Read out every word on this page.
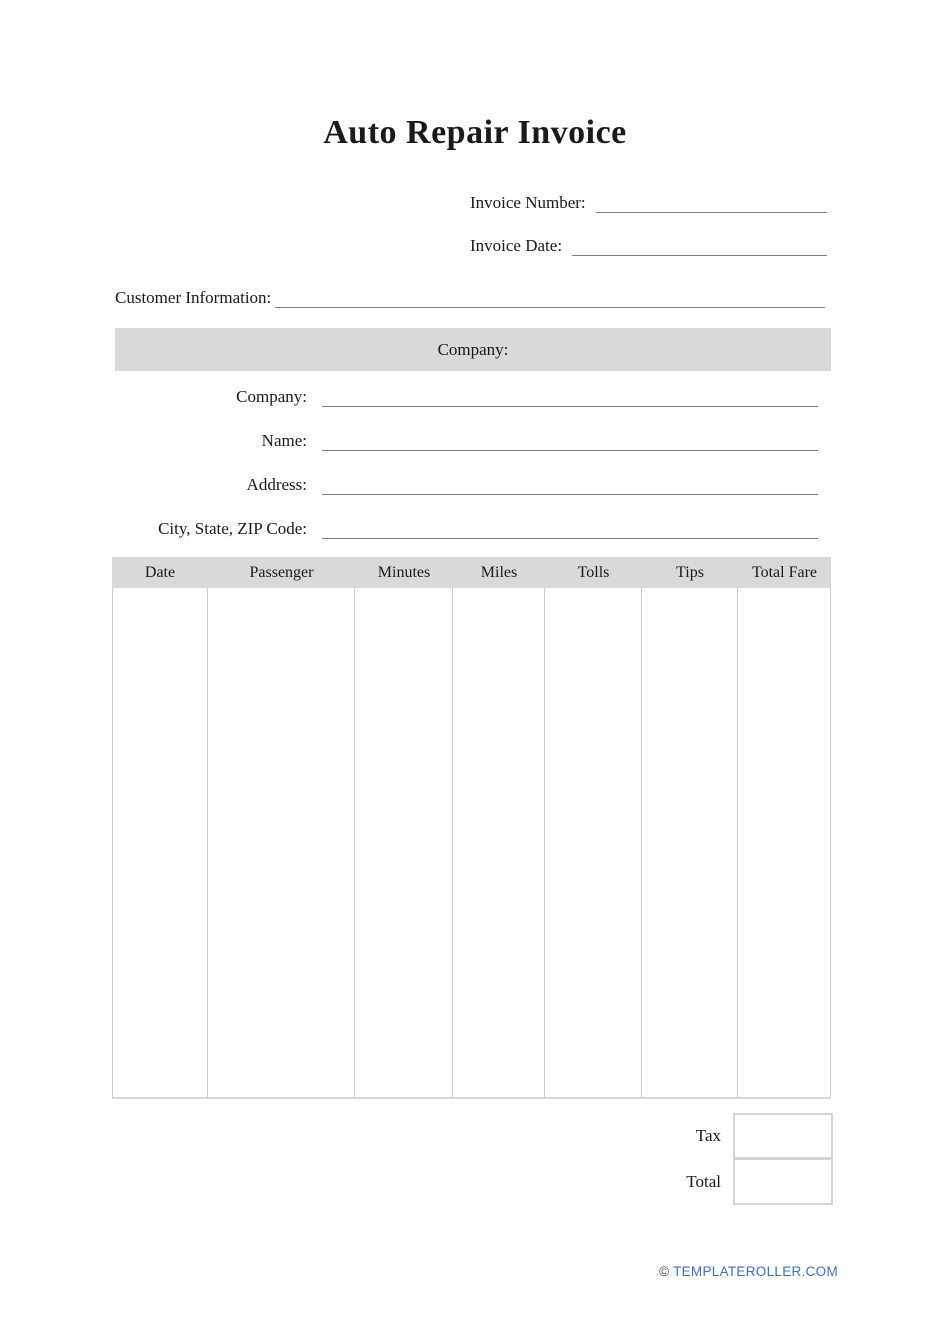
Auto Repair Invoice
Invoice Number:
Invoice Date:
Customer Information:
Company:
Company:
Name:
Address:
City, State, ZIP Code:
Date	Passenger	Minutes	Miles	Tolls	Tips	Total Fare
Tax
Total
© TEMPLATEROLLER.COM
